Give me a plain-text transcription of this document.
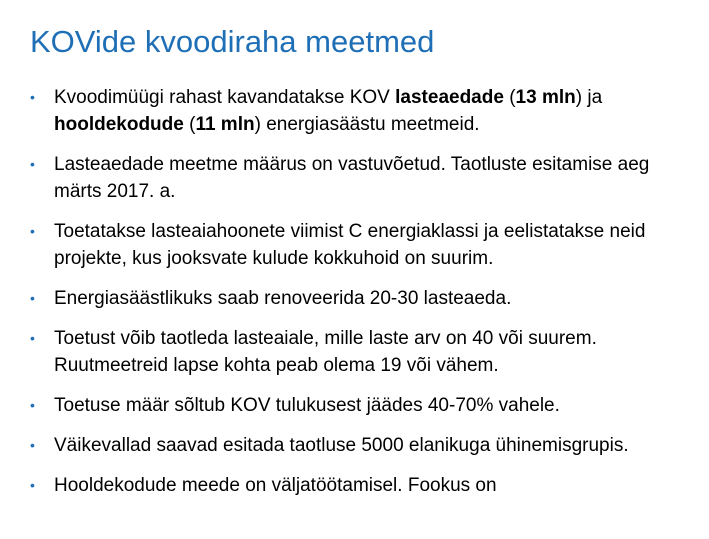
KOVide kvoodiraha meetmed
• Kvoodimüügi rahast kavandatakse KOV lasteaedade (13 mln) ja hooldekodude (11 mln) energiasäästu meetmeid.
• Lasteaedade meetme määrus on vastuvõetud. Taotluste esitamise aeg märts 2017. a.
• Toetatakse lasteaiahoonete viimist C energiaklassi ja eelistatakse neid projekte, kus jooksvate kulude kokkuhoid on suurim.
• Energiasäästlikuks saab renoveerida 20-30 lasteaeda.
• Toetust võib taotleda lasteaiale, mille laste arv on 40 või suurem. Ruutmeetreid lapse kohta peab olema 19 või vähem.
• Toetuse määr sõltub KOV tulukusest jäädes 40-70% vahele.
• Väikevallad saavad esitada taotluse 5000 elanikuga ühinemisgrupis.
• Hooldekodude meede on väljatöötamisel. Fookus on
